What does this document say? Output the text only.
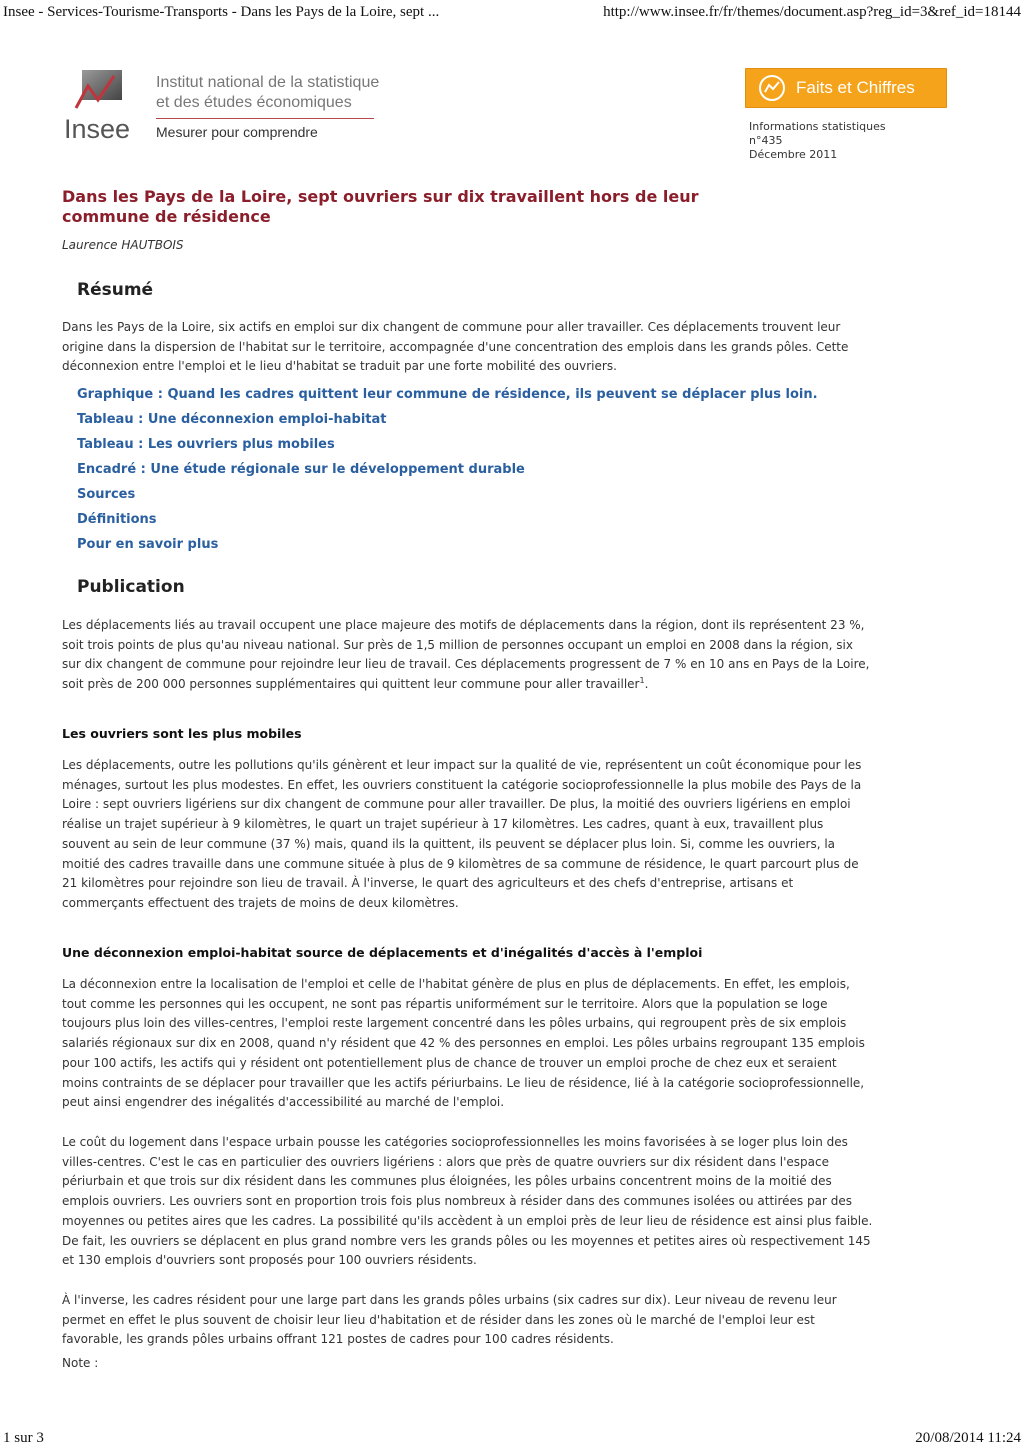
Insee - Services-Tourisme-Transports - Dans les Pays de la Loire, sept ...	http://www.insee.fr/fr/themes/document.asp?reg_id=3&ref_id=18144
Insee
Institut national de la statistique
et des études économiques
Mesurer pour comprendre
Faits et Chiffres
Informations statistiques
n°435
Décembre 2011
Dans les Pays de la Loire, sept ouvriers sur dix travaillent hors de leur commune de résidence
Laurence HAUTBOIS
Résumé
Dans les Pays de la Loire, six actifs en emploi sur dix changent de commune pour aller travailler. Ces déplacements trouvent leur origine dans la dispersion de l'habitat sur le territoire, accompagnée d'une concentration des emplois dans les grands pôles. Cette déconnexion entre l'emploi et le lieu d'habitat se traduit par une forte mobilité des ouvriers.
Graphique : Quand les cadres quittent leur commune de résidence, ils peuvent se déplacer plus loin.
Tableau : Une déconnexion emploi-habitat
Tableau : Les ouvriers plus mobiles
Encadré : Une étude régionale sur le développement durable
Sources
Définitions
Pour en savoir plus
Publication
Les déplacements liés au travail occupent une place majeure des motifs de déplacements dans la région, dont ils représentent 23 %, soit trois points de plus qu'au niveau national. Sur près de 1,5 million de personnes occupant un emploi en 2008 dans la région, six sur dix changent de commune pour rejoindre leur lieu de travail. Ces déplacements progressent de 7 % en 10 ans en Pays de la Loire, soit près de 200 000 personnes supplémentaires qui quittent leur commune pour aller travailler$^1$.
Les ouvriers sont les plus mobiles
Les déplacements, outre les pollutions qu'ils génèrent et leur impact sur la qualité de vie, représentent un coût économique pour les ménages, surtout les plus modestes. En effet, les ouvriers constituent la catégorie socioprofessionnelle la plus mobile des Pays de la Loire : sept ouvriers ligériens sur dix changent de commune pour aller travailler. De plus, la moitié des ouvriers ligériens en emploi réalise un trajet supérieur à 9 kilomètres, le quart un trajet supérieur à 17 kilomètres. Les cadres, quant à eux, travaillent plus souvent au sein de leur commune (37 %) mais, quand ils la quittent, ils peuvent se déplacer plus loin. Si, comme les ouvriers, la moitié des cadres travaille dans une commune située à plus de 9 kilomètres de sa commune de résidence, le quart parcourt plus de 21 kilomètres pour rejoindre son lieu de travail. À l'inverse, le quart des agriculteurs et des chefs d'entreprise, artisans et commerçants effectuent des trajets de moins de deux kilomètres.
Une déconnexion emploi-habitat source de déplacements et d'inégalités d'accès à l'emploi
La déconnexion entre la localisation de l'emploi et celle de l'habitat génère de plus en plus de déplacements. En effet, les emplois, tout comme les personnes qui les occupent, ne sont pas répartis uniformément sur le territoire. Alors que la population se loge toujours plus loin des villes-centres, l'emploi reste largement concentré dans les pôles urbains, qui regroupent près de six emplois salariés régionaux sur dix en 2008, quand n'y résident que 42 % des personnes en emploi. Les pôles urbains regroupant 135 emplois pour 100 actifs, les actifs qui y résident ont potentiellement plus de chance de trouver un emploi proche de chez eux et seraient moins contraints de se déplacer pour travailler que les actifs périurbains. Le lieu de résidence, lié à la catégorie socioprofessionnelle, peut ainsi engendrer des inégalités d'accessibilité au marché de l'emploi.
Le coût du logement dans l'espace urbain pousse les catégories socioprofessionnelles les moins favorisées à se loger plus loin des villes-centres. C'est le cas en particulier des ouvriers ligériens : alors que près de quatre ouvriers sur dix résident dans l'espace périurbain et que trois sur dix résident dans les communes plus éloignées, les pôles urbains concentrent moins de la moitié des emplois ouvriers. Les ouvriers sont en proportion trois fois plus nombreux à résider dans des communes isolées ou attirées par des moyennes ou petites aires que les cadres. La possibilité qu'ils accèdent à un emploi près de leur lieu de résidence est ainsi plus faible. De fait, les ouvriers se déplacent en plus grand nombre vers les grands pôles ou les moyennes et petites aires où respectivement 145 et 130 emplois d'ouvriers sont proposés pour 100 ouvriers résidents.
À l'inverse, les cadres résident pour une large part dans les grands pôles urbains (six cadres sur dix). Leur niveau de revenu leur permet en effet le plus souvent de choisir leur lieu d'habitation et de résider dans les zones où le marché de l'emploi leur est favorable, les grands pôles urbains offrant 121 postes de cadres pour 100 cadres résidents.
Note :
1 sur 3	20/08/2014 11:24
